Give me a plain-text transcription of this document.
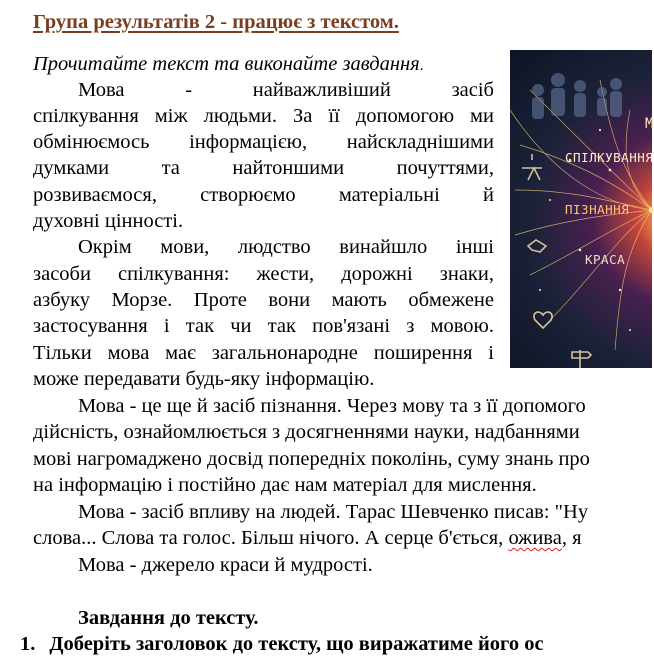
Група результатів 2 - працює з текстом.
Прочитайте текст та виконайте завдання.
Мова - найважливіший засіб
спілкування між людьми. За її допомогою ми
обмінюємось інформацією, найскладнішими
думками та найтоншими почуттями,
розвиваємося, створюємо матеріальні й
духовні цінності.
Окрім мови, людство винайшло інші
засоби спілкування: жести, дорожні знаки,
азбуку Морзе. Проте вони мають обмежене
застосування і так чи так пов'язані з мовою.
Тільки мова має загальнонародне поширення і
може передавати будь-яку інформацію.
Мова - це ще й засіб пізнання. Через мову та з її допомого
дійсність, ознайомлюється з досягненнями науки, надбаннями
мові нагромаджено досвід попередніх поколінь, суму знань про
на інформацію і постійно дає нам матеріал для мислення.
Мова - засіб впливу на людей. Тарас Шевченко писав: "Ну
слова... Слова та голос. Більш нічого. А серце б'ється, ожива, я
Мова - джерело краси й мудрості.
Завдання до тексту.
1. Доберіть заголовок до тексту, що виражатиме його ос
М
СПІЛКУВАННЯ
ПІЗНАННЯ
КРАСА
